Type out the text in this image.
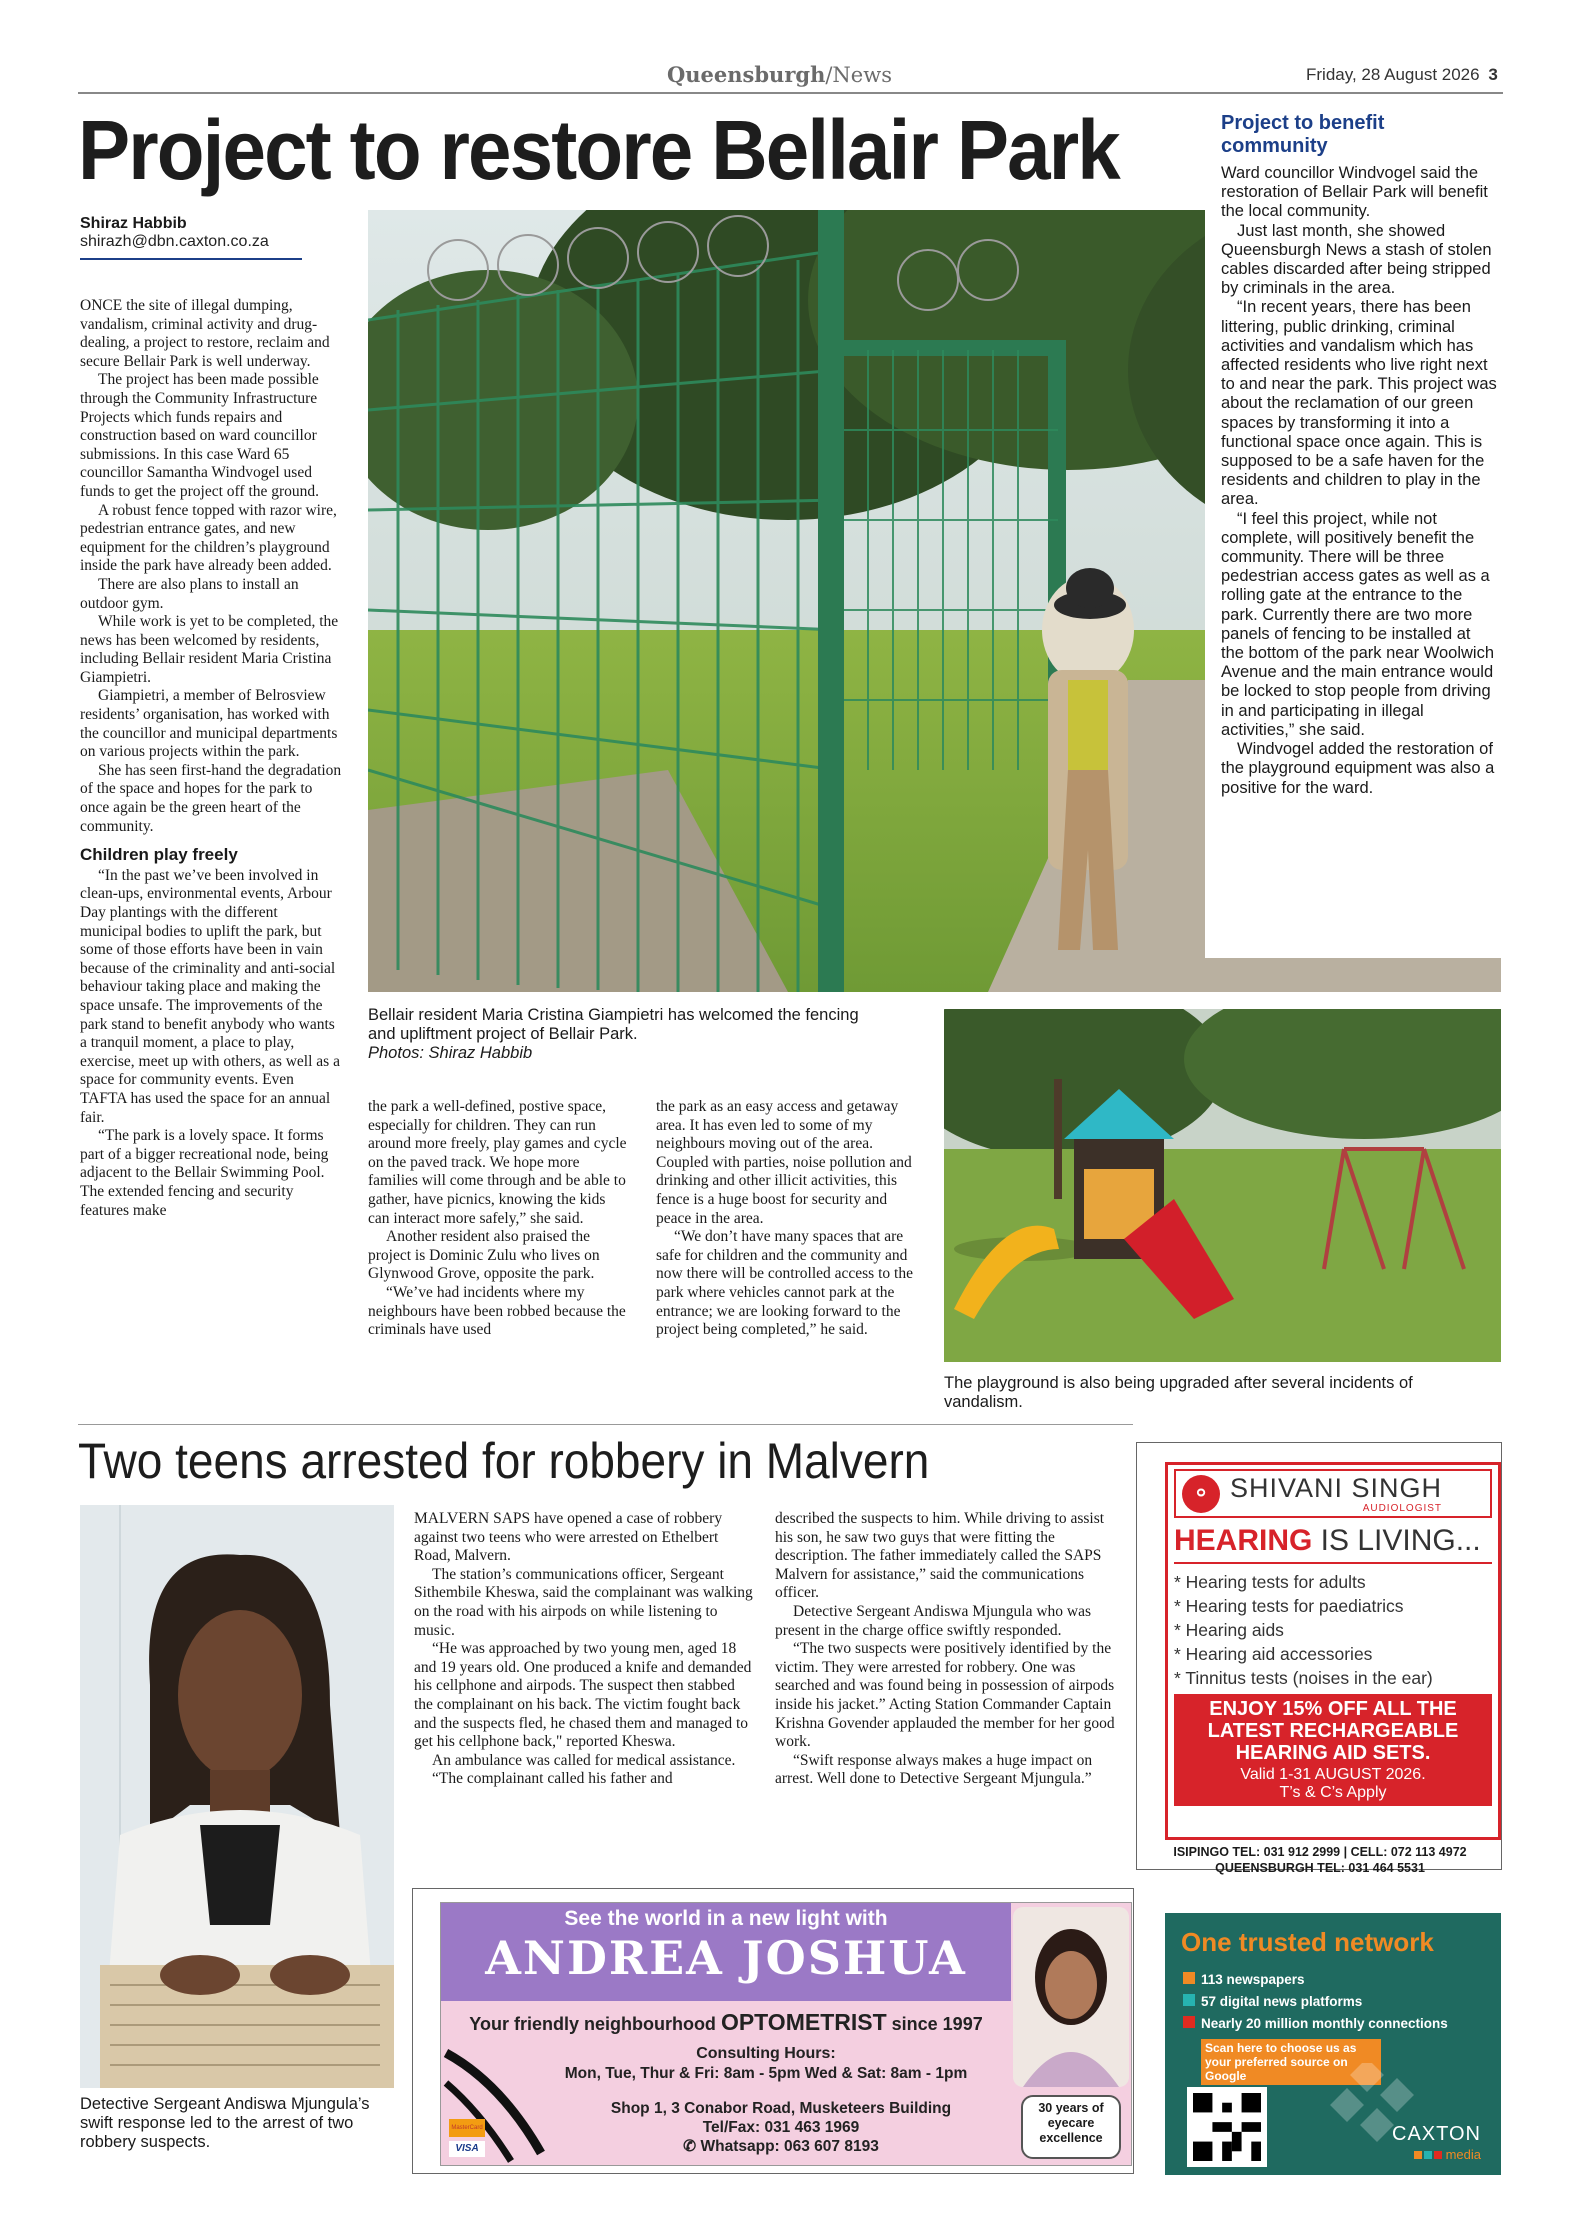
Queensburgh/News	Friday, 28 August 2026 3
Project to restore Bellair Park
Shiraz Habbib
shirazh@dbn.caxton.co.za

ONCE the site of illegal dumping, vandalism, criminal activity and drug-dealing, a project to restore, reclaim and secure Bellair Park is well underway.

The project has been made possible through the Community Infrastructure Projects which funds repairs and construction based on ward councillor submissions. In this case Ward 65 councillor Samantha Windvogel used funds to get the project off the ground.

A robust fence topped with razor wire, pedestrian entrance gates, and new equipment for the children’s playground inside the park have already been added.

There are also plans to install an outdoor gym.

While work is yet to be completed, the news has been welcomed by residents, including Bellair resident Maria Cristina Giampietri.

Giampietri, a member of Belrosview residents’ organisation, has worked with the councillor and municipal departments on various projects within the park.

She has seen first-hand the degradation of the space and hopes for the park to once again be the green heart of the community.

Children play freely

“In the past we’ve been involved in clean-ups, environmental events, Arbour Day plantings with the different municipal bodies to uplift the park, but some of those efforts have been in vain because of the criminality and anti-social behaviour taking place and making the space unsafe. The improvements of the park stand to benefit anybody who wants a tranquil moment, a place to play, exercise, meet up with others, as well as a space for community events. Even TAFTA has used the space for an annual fair.

“The park is a lovely space. It forms part of a bigger recreational node, being adjacent to the Bellair Swimming Pool. The extended fencing and security features make

Project to benefit community

Ward councillor Windvogel said the restoration of Bellair Park will benefit the local community.

Just last month, she showed Queensburgh News a stash of stolen cables discarded after being stripped by criminals in the area.

“In recent years, there has been littering, public drinking, criminal activities and vandalism which has affected residents who live right next to and near the park. This project was about the reclamation of our green spaces by transforming it into a functional space once again. This is supposed to be a safe haven for the residents and children to play in the area.

“I feel this project, while not complete, will positively benefit the community. There will be three pedestrian access gates as well as a rolling gate at the entrance to the park. Currently there are two more panels of fencing to be installed at the bottom of the park near Woolwich Avenue and the main entrance would be locked to stop people from driving in and participating in illegal activities,” she said.

Windvogel added the restoration of the playground equipment was also a positive for the ward.

Bellair resident Maria Cristina Giampietri has welcomed the fencing and upliftment project of Bellair Park.
Photos: Shiraz Habbib

the park a well-defined, postive space, especially for children. They can run around more freely, play games and cycle on the paved track. We hope more families will come through and be able to gather, have picnics, knowing the kids can interact more safely,” she said.

Another resident also praised the project is Dominic Zulu who lives on Glynwood Grove, opposite the park.

“We’ve had incidents where my neighbours have been robbed because the criminals have used

the park as an easy access and getaway area. It has even led to some of my neighbours moving out of the area. Coupled with parties, noise pollution and drinking and other illicit activities, this fence is a huge boost for security and peace in the area.

“We don’t have many spaces that are safe for children and the community and now there will be controlled access to the park where vehicles cannot park at the entrance; we are looking forward to the project being completed,” he said.

The playground is also being upgraded after several incidents of vandalism.
Two teens arrested for robbery in Malvern
Detective Sergeant Andiswa Mjungula’s swift response led to the arrest of two robbery suspects.

MALVERN SAPS have opened a case of robbery against two teens who were arrested on Ethelbert Road, Malvern.

The station’s communications officer, Sergeant Sithembile Kheswa, said the complainant was walking on the road with his airpods on while listening to music.

“He was approached by two young men, aged 18 and 19 years old. One produced a knife and demanded his cellphone and airpods. The suspect then stabbed the complainant on his back. The victim fought back and the suspects fled, he chased them and managed to get his cellphone back," reported Kheswa.

An ambulance was called for medical assistance.

“The complainant called his father and

described the suspects to him. While driving to assist his son, he saw two guys that were fitting the description. The father immediately called the SAPS Malvern for assistance,” said the communications officer.

Detective Sergeant Andiswa Mjungula who was present in the charge office swiftly responded.

“The two suspects were positively identified by the victim. They were arrested for robbery. One was searched and was found being in possession of airpods inside his jacket.” Acting Station Commander Captain Krishna Govender applauded the member for her good work.

“Swift response always makes a huge impact on arrest. Well done to Detective Sergeant Mjungula.”

⚬ SHIVANI SINGH
AUDIOLOGIST
HEARING IS LIVING...
* Hearing tests for adults
* Hearing tests for paediatrics
* Hearing aids
* Hearing aid accessories
* Tinnitus tests (noises in the ear)
ENJOY 15% OFF ALL THE LATEST RECHARGEABLE HEARING AID SETS.
Valid 1-31 AUGUST 2026.
T’s & C’s Apply
ISIPINGO TEL: 031 912 2999 | CELL: 072 113 4972
QUEENSBURGH TEL: 031 464 5531
See the world in a new light with
ANDREA JOSHUA
Your friendly neighbourhood OPTOMETRIST since 1997
Consulting Hours:
Mon, Tue, Thur & Fri: 8am - 5pm Wed & Sat: 8am - 1pm
Shop 1, 3 Conabor Road, Musketeers Building
Tel/Fax: 031 463 1969
✆ Whatsapp: 063 607 8193
MasterCard
VISA
30 years of eyecare excellence
One trusted network
113 newspapers
57 digital news platforms
Nearly 20 million monthly connections
Scan here to choose us as your preferred source on Google
CAXTON
media
